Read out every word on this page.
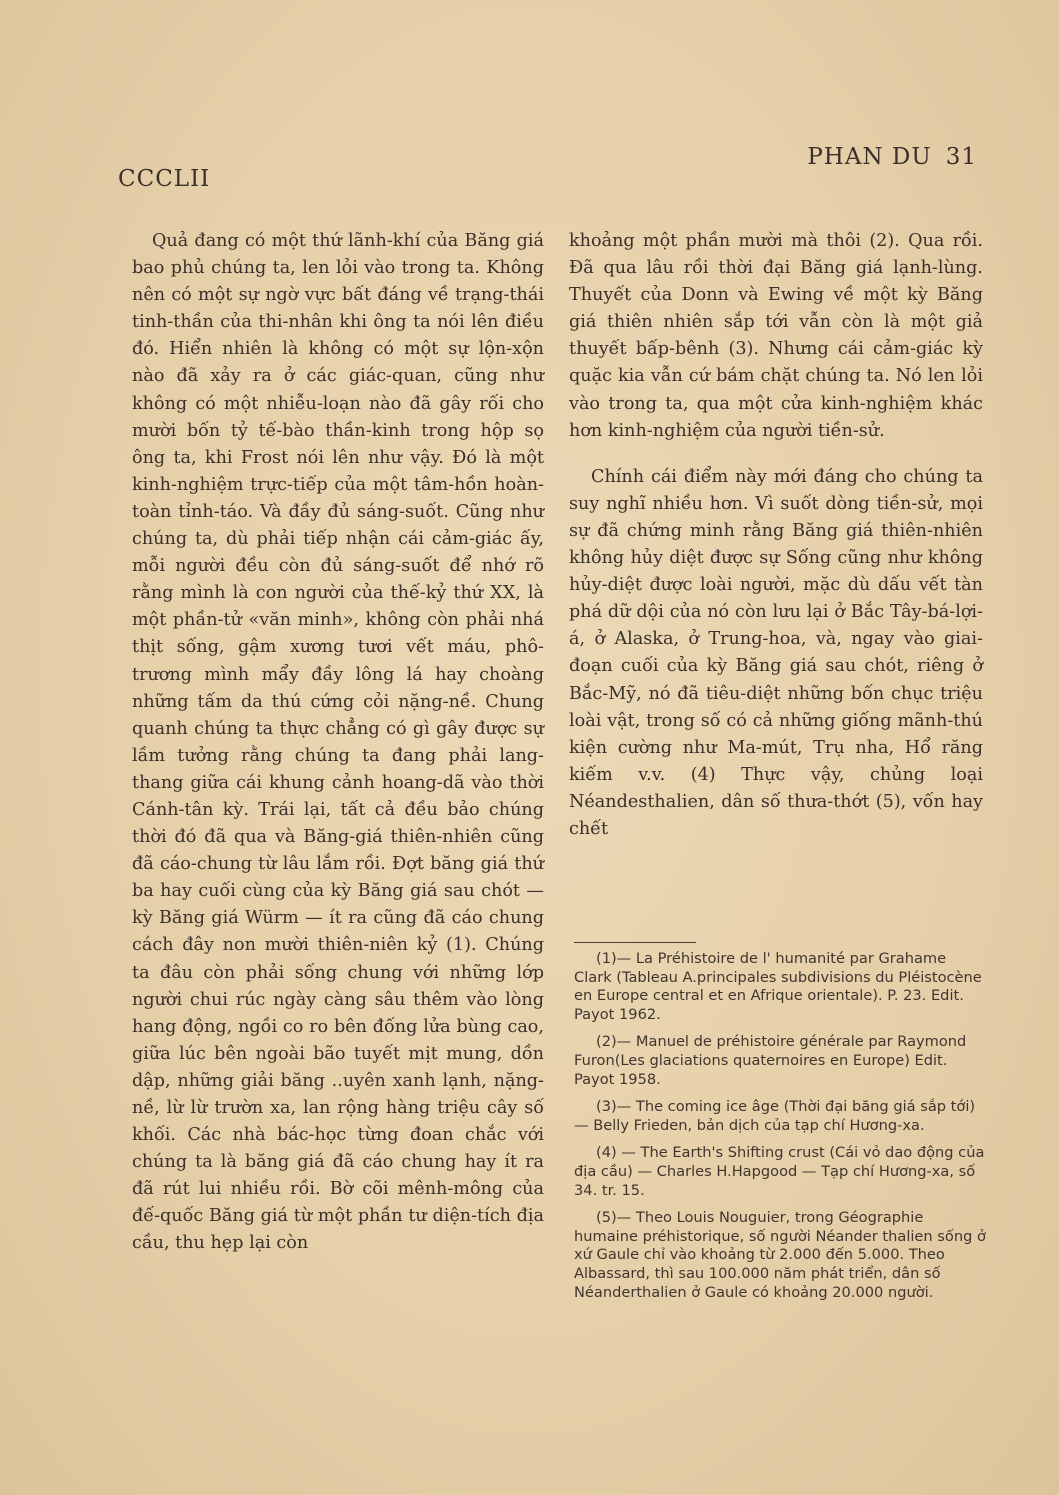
CCCLII
PHAN DU 31

Quả đang có một thứ lãnh-khí của Băng giá bao phủ chúng ta, len lỏi vào trong ta. Không nên có một sự ngờ vực bất đáng về trạng-thái tinh-thần của thi-nhân khi ông ta nói lên điều đó. Hiển nhiên là không có một sự lộn-xộn nào đã xảy ra ở các giác-quan, cũng như không có một nhiễu-loạn nào đã gây rối cho mười bốn tỷ tế-bào thần-kinh trong hộp sọ ông ta, khi Frost nói lên như vậy. Đó là một kinh-nghiệm trực-tiếp của một tâm-hồn hoàn-toàn tỉnh-táo. Và đầy đủ sáng-suốt. Cũng như chúng ta, dù phải tiếp nhận cái cảm-giác ấy, mỗi người đều còn đủ sáng-suốt để nhớ rõ rằng mình là con người của thế-kỷ thứ XX, là một phần-tử «văn minh», không còn phải nhá thịt sống, gậm xương tươi vết máu, phô-trương mình mẩy đầy lông lá hay choàng những tấm da thú cứng cỏi nặng-nề. Chung quanh chúng ta thực chẳng có gì gây được sự lầm tưởng rằng chúng ta đang phải lang-thang giữa cái khung cảnh hoang-dã vào thời Cánh-tân kỳ. Trái lại, tất cả đều bảo chúng thời đó đã qua và Băng-giá thiên-nhiên cũng đã cáo-chung từ lâu lắm rồi. Đợt băng giá thứ ba hay cuối cùng của kỳ Băng giá sau chót — kỳ Băng giá Würm — ít ra cũng đã cáo chung cách đây non mười thiên-niên kỷ (1). Chúng ta đâu còn phải sống chung với những lớp người chui rúc ngày càng sâu thêm vào lòng hang động, ngồi co ro bên đống lửa bùng cao, giữa lúc bên ngoài bão tuyết mịt mung, dồn dập, những giải băng ..uyên xanh lạnh, nặng-nề, lừ lừ trườn xa, lan rộng hàng triệu cây số khối. Các nhà bác-học từng đoan chắc với chúng ta là băng giá đã cáo chung hay ít ra đã rút lui nhiều rồi. Bờ cõi mênh-mông của đế-quốc Băng giá từ một phần tư diện-tích địa cầu, thu hẹp lại còn

khoảng một phần mười mà thôi (2). Qua rồi. Đã qua lâu rồi thời đại Băng giá lạnh-lùng. Thuyết của Donn và Ewing về một kỳ Băng giá thiên nhiên sắp tới vẫn còn là một giả thuyết bấp-bênh (3). Nhưng cái cảm-giác kỳ quặc kia vẫn cứ bám chặt chúng ta. Nó len lỏi vào trong ta, qua một cửa kinh-nghiệm khác hơn kinh-nghiệm của người tiền-sử.

Chính cái điểm này mới đáng cho chúng ta suy nghĩ nhiều hơn. Vì suốt dòng tiền-sử, mọi sự đã chứng minh rằng Băng giá thiên-nhiên không hủy diệt được sự Sống cũng như không hủy-diệt được loài người, mặc dù dấu vết tàn phá dữ dội của nó còn lưu lại ở Bắc Tây-bá-lợi-á, ở Alaska, ở Trung-hoa, và, ngay vào giai-đoạn cuối của kỳ Băng giá sau chót, riêng ở Bắc-Mỹ, nó đã tiêu-diệt những bốn chục triệu loài vật, trong số có cả những giống mãnh-thú kiện cường như Ma-mút, Trụ nha, Hổ răng kiếm v.v. (4) Thực vậy, chủng loại Néandesthalien, dân số thưa-thớt (5), vốn hay chết

(1)— La Préhistoire de l' humanité par Grahame Clark (Tableau A.principales subdivisions du Pléistocène en Europe central et en Afrique orientale). P. 23. Edit. Payot 1962.

(2)— Manuel de préhistoire générale par Raymond Furon(Les glaciations quaternoires en Europe) Edit. Payot 1958.

(3)— The coming ice âge (Thời đại băng giá sắp tới) — Belly Frieden, bản dịch của tạp chí Hương-xa.

(4) — The Earth's Shifting crust (Cái vỏ dao động của địa cầu) — Charles H.Hapgood — Tạp chí Hương-xa, số 34. tr. 15.

(5)— Theo Louis Nouguier, trong Géographie humaine préhistorique, số người Néander thalien sống ở xứ Gaule chỉ vào khoảng từ 2.000 đến 5.000. Theo Albassard, thì sau 100.000 năm phát triển, dân số Néanderthalien ở Gaule có khoảng 20.000 người.
